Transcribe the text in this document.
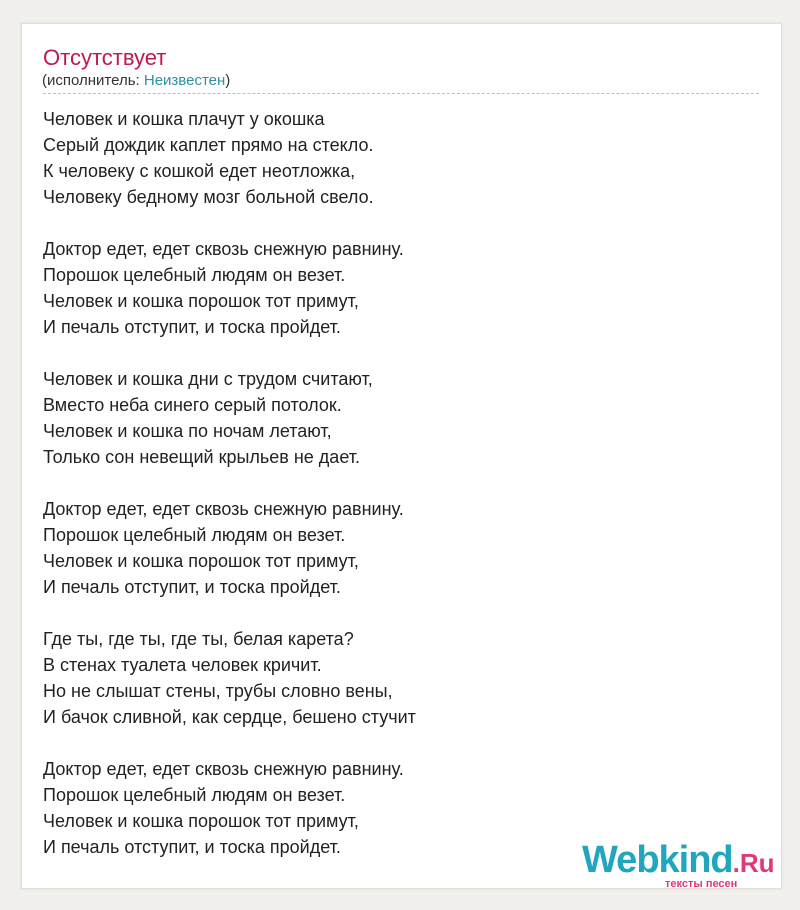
Отсутствует
(исполнитель: Неизвестен)
Человек и кошка плачут у окошка
Серый дождик каплет прямо на стекло.
К человеку с кошкой едет неотложка,
Человеку бедному мозг больной свело.
Доктор едет, едет сквозь снежную равнину.
Порошок целебный людям он везет.
Человек и кошка порошок тот примут,
И печаль отступит, и тоска пройдет.
Человек и кошка дни с трудом считают,
Вместо неба синего серый потолок.
Человек и кошка по ночам летают,
Только сон невещий крыльев не дает.
Доктор едет, едет сквозь снежную равнину.
Порошок целебный людям он везет.
Человек и кошка порошок тот примут,
И печаль отступит, и тоска пройдет.
Где ты, где ты, где ты, белая карета?
В стенах туалета человек кричит.
Но не слышат стены, трубы словно вены,
И бачок сливной, как сердце, бешено стучит
Доктор едет, едет сквозь снежную равнину.
Порошок целебный людям он везет.
Человек и кошка порошок тот примут,
И печаль отступит, и тоска пройдет.	Webkind.Ru
тексты песен
